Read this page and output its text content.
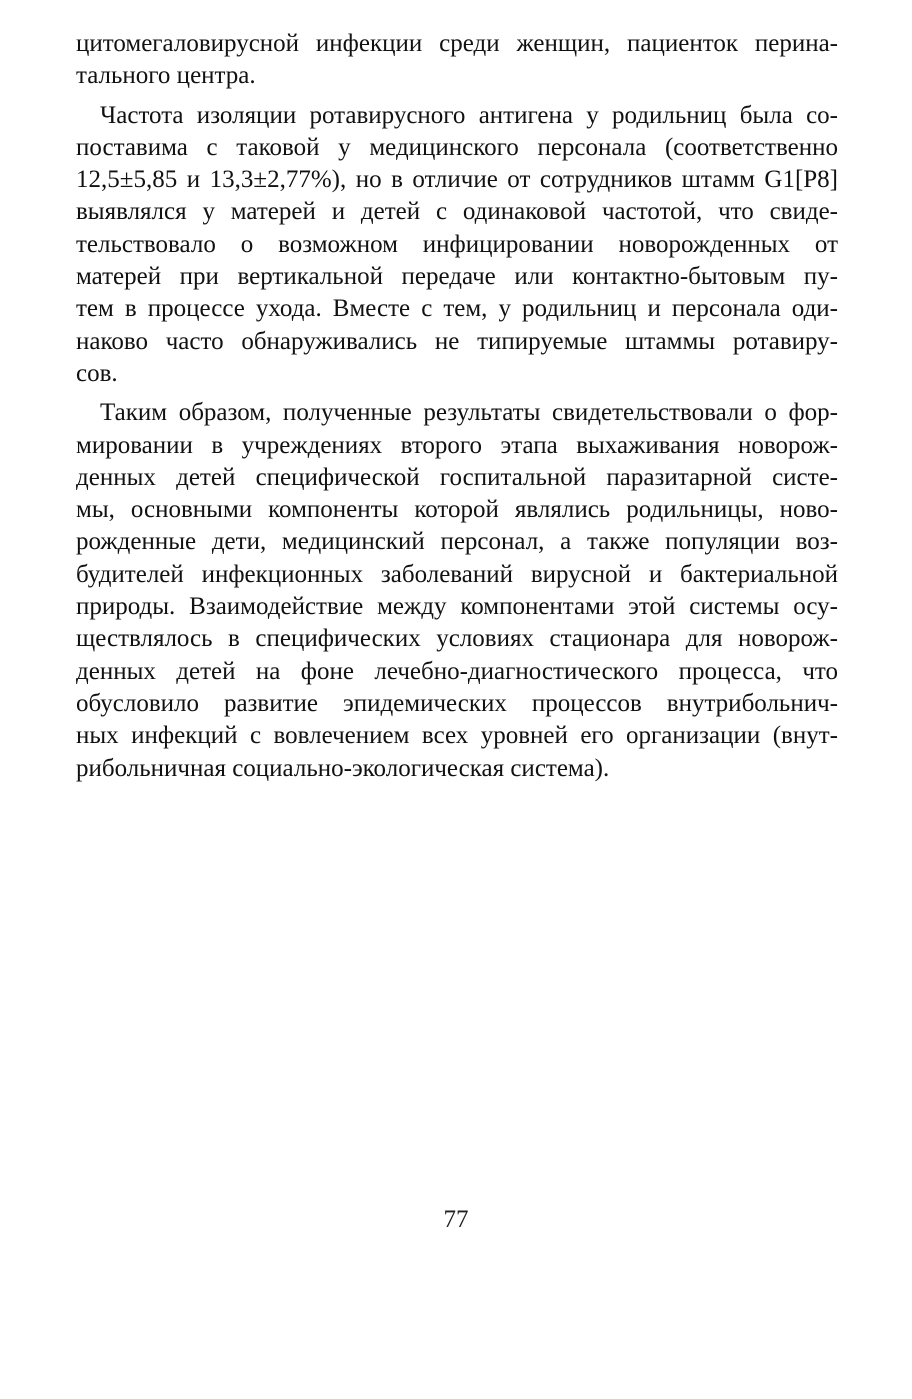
цитомегаловирусной инфекции среди женщин, пациенток перина-
тального центра.
Частота изоляции ротавирусного антигена у родильниц была со-
поставима с таковой у медицинского персонала (соответственно
12,5±5,85 и 13,3±2,77%), но в отличие от сотрудников штамм G1[P8]
выявлялся у матерей и детей с одинаковой частотой, что свиде-
тельствовало о возможном инфицировании новорожденных от
матерей при вертикальной передаче или контактно-бытовым пу-
тем в процессе ухода. Вместе с тем, у родильниц и персонала оди-
наково часто обнаруживались не типируемые штаммы ротавиру-
сов.
Таким образом, полученные результаты свидетельствовали о фор-
мировании в учреждениях второго этапа выхаживания новорож-
денных детей специфической госпитальной паразитарной систе-
мы, основными компоненты которой являлись родильницы, ново-
рожденные дети, медицинский персонал, а также популяции воз-
будителей инфекционных заболеваний вирусной и бактериальной
природы. Взаимодействие между компонентами этой системы осу-
ществлялось в специфических условиях стационара для новорож-
денных детей на фоне лечебно-диагностического процесса, что
обусловило развитие эпидемических процессов внутрибольнич-
ных инфекций с вовлечением всех уровней его организации (внут-
рибольничная социально-экологическая система).
77
